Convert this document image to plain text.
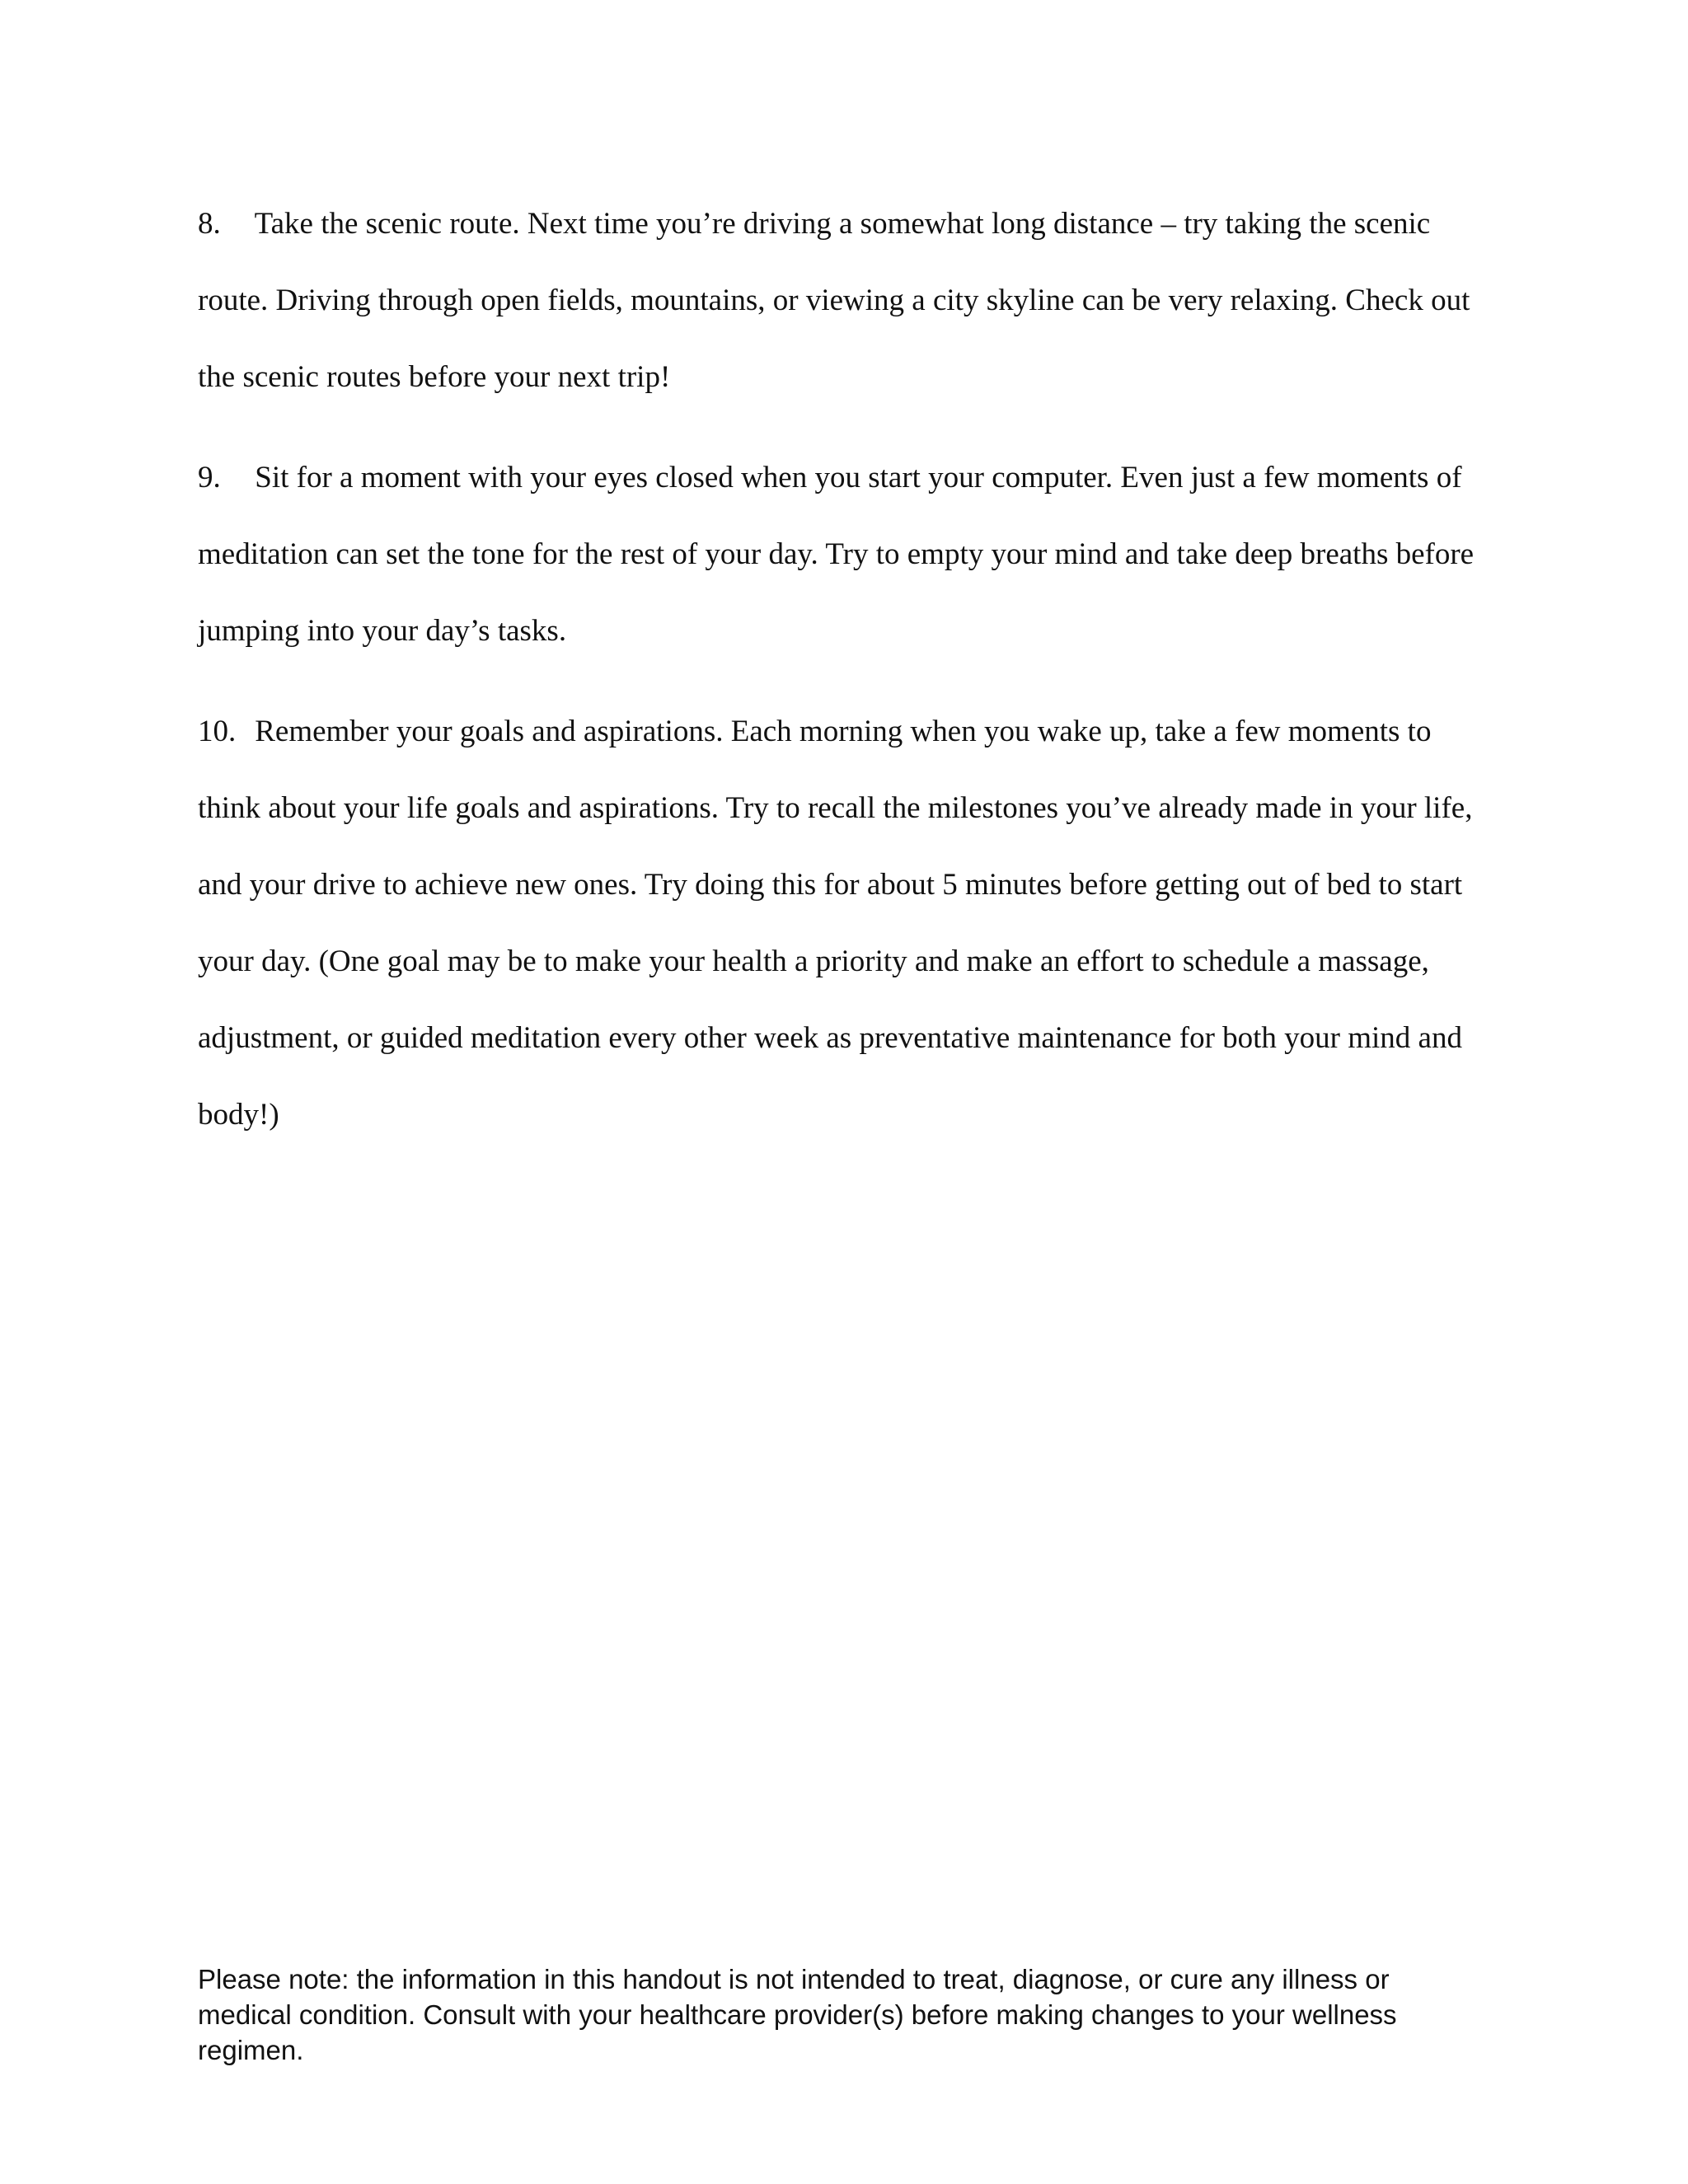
8. Take the scenic route. Next time you’re driving a somewhat long distance – try taking the scenic route. Driving through open fields, mountains, or viewing a city skyline can be very relaxing. Check out the scenic routes before your next trip!

9. Sit for a moment with your eyes closed when you start your computer. Even just a few moments of meditation can set the tone for the rest of your day. Try to empty your mind and take deep breaths before jumping into your day’s tasks.

10. Remember your goals and aspirations. Each morning when you wake up, take a few moments to think about your life goals and aspirations. Try to recall the milestones you’ve already made in your life, and your drive to achieve new ones. Try doing this for about 5 minutes before getting out of bed to start your day. (One goal may be to make your health a priority and make an effort to schedule a massage, adjustment, or guided meditation every other week as preventative maintenance for both your mind and body!)

Please note: the information in this handout is not intended to treat, diagnose, or cure any illness or medical condition. Consult with your healthcare provider(s) before making changes to your wellness regimen.
